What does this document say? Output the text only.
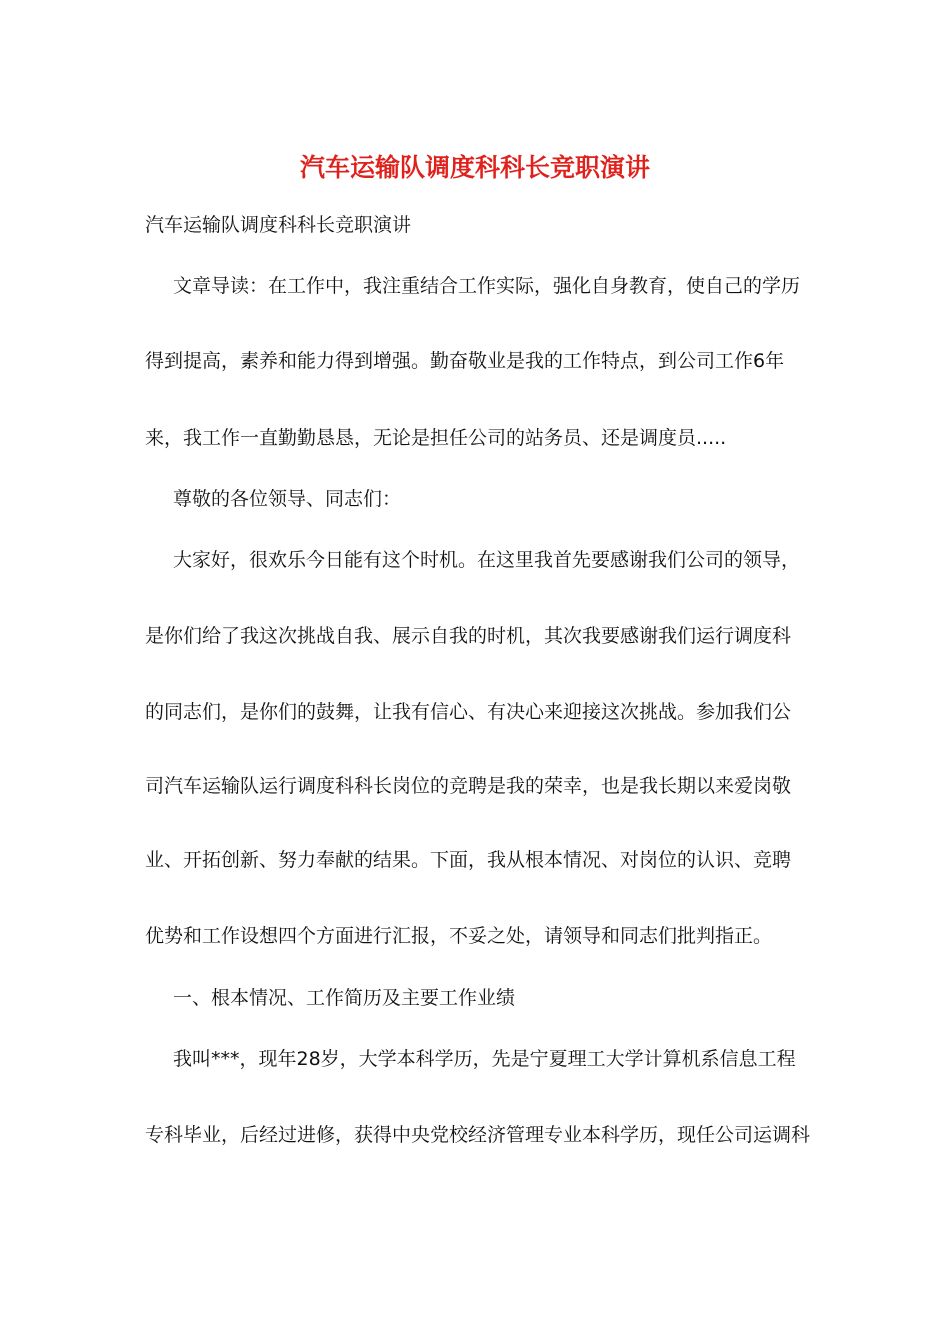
汽车运输队调度科科长竞职演讲
汽车运输队调度科科长竞职演讲
文章导读：在工作中，我注重结合工作实际，强化自身教育，使自己的学历
得到提高，素养和能力得到增强。勤奋敬业是我的工作特点，到公司工作6年
来，我工作一直勤勤恳恳，无论是担任公司的站务员、还是调度员.....
尊敬的各位领导、同志们：
大家好，很欢乐今日能有这个时机。在这里我首先要感谢我们公司的领导，
是你们给了我这次挑战自我、展示自我的时机，其次我要感谢我们运行调度科
的同志们，是你们的鼓舞，让我有信心、有决心来迎接这次挑战。参加我们公
司汽车运输队运行调度科科长岗位的竞聘是我的荣幸，也是我长期以来爱岗敬
业、开拓创新、努力奉献的结果。下面，我从根本情况、对岗位的认识、竞聘
优势和工作设想四个方面进行汇报，不妥之处，请领导和同志们批判指正。
一、根本情况、工作简历及主要工作业绩
我叫***，现年28岁，大学本科学历，先是宁夏理工大学计算机系信息工程
专科毕业，后经过进修，获得中央党校经济管理专业本科学历，现任公司运调科
